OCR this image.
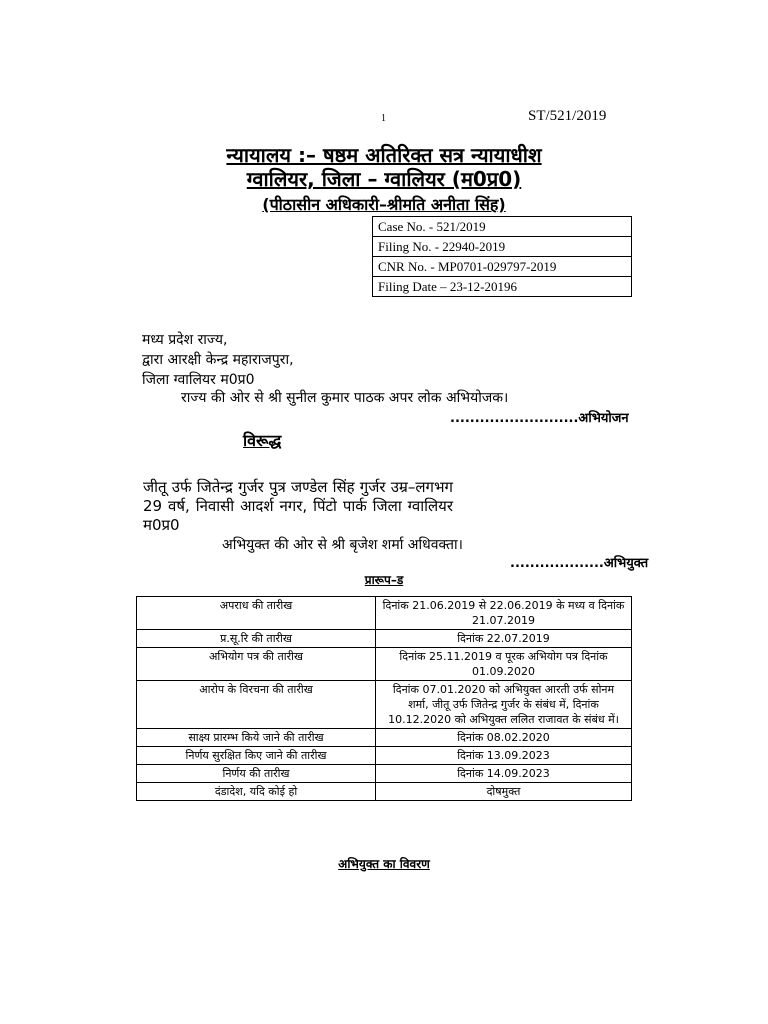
1	ST/521/2019
न्यायालय :– षष्ठम अतिरिक्त सत्र न्यायाधीश
ग्वालियर, जिला – ग्वालियर (म0प्र0)
(पीठासीन अधिकारी–श्रीमति अनीता सिंह)
Case No. - 521/2019
Filing No. - 22940-2019
CNR No. - MP0701-029797-2019
Filing Date – 23-12-20196
मध्य प्रदेश राज्य,
द्वारा आरक्षी केन्द्र महाराजपुरा,
जिला ग्वालियर म0प्र0
राज्य की ओर से श्री सुनील कुमार पाठक अपर लोक अभियोजक।
..........................अभियोजन
विरूद्ध
जीतू उर्फ जितेन्द्र गुर्जर पुत्र जण्डेल सिंह गुर्जर उम्र–लगभग 29 वर्ष, निवासी आदर्श नगर, पिंटो पार्क जिला ग्वालियर म0प्र0
अभियुक्त की ओर से श्री बृजेश शर्मा अधिवक्ता।
...................अभियुक्त
प्रारूप–ड
अपराध की तारीख	दिनांक 21.06.2019 से 22.06.2019 के मध्य व दिनांक 21.07.2019
प्र.सू.रि की तारीख	दिनांक 22.07.2019
अभियोग पत्र की तारीख	दिनांक 25.11.2019 व पूरक अभियोग पत्र दिनांक 01.09.2020
आरोप के विरचना की तारीख	दिनांक 07.01.2020 को अभियुक्त आरती उर्फ सोनम शर्मा, जीतू उर्फ जितेन्द्र गुर्जर के संबंध में, दिनांक 10.12.2020 को अभियुक्त ललित राजावत के संबंध में।
साक्ष्य प्रारम्भ किये जाने की तारीख	दिनांक 08.02.2020
निर्णय सुरक्षित किए जाने की तारीख	दिनांक 13.09.2023
निर्णय की तारीख	दिनांक 14.09.2023
दंडादेश, यदि कोई हो	दोषमुक्त
अभियुक्त का विवरण
